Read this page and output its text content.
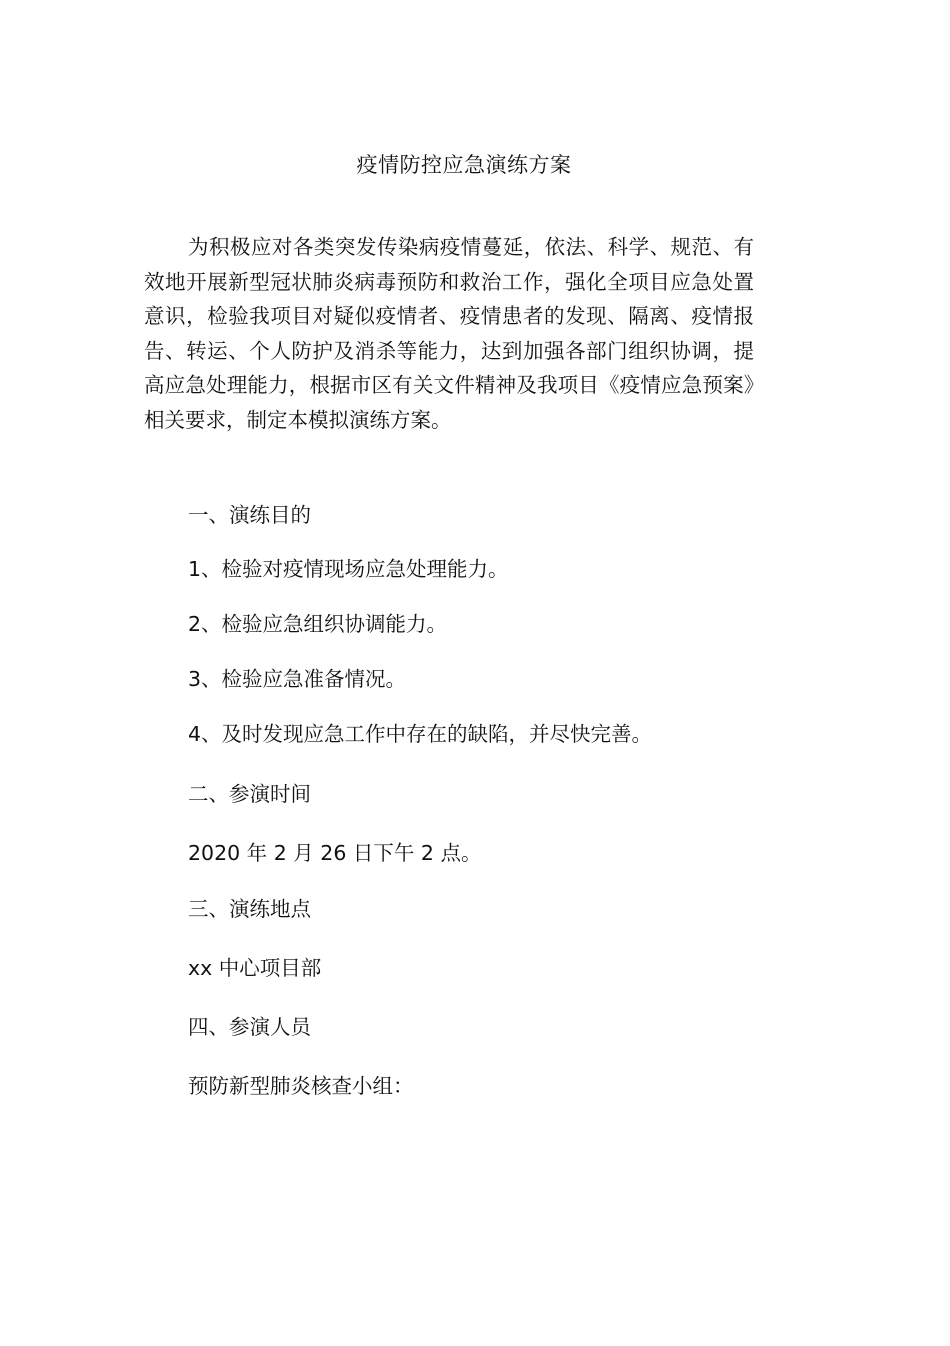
疫情防控应急演练方案

为积极应对各类突发传染病疫情蔓延，依法、科学、规范、有效地开展新型冠状肺炎病毒预防和救治工作，强化全项目应急处置意识，检验我项目对疑似疫情者、疫情患者的发现、隔离、疫情报告、转运、个人防护及消杀等能力，达到加强各部门组织协调，提高应急处理能力，根据市区有关文件精神及我项目《疫情应急预案》相关要求，制定本模拟演练方案。

一、演练目的
1、检验对疫情现场应急处理能力。
2、检验应急组织协调能力。
3、检验应急准备情况。
4、及时发现应急工作中存在的缺陷，并尽快完善。
二、参演时间
2020 年 2 月 26 日下午 2 点。
三、演练地点
xx 中心项目部
四、参演人员
预防新型肺炎核查小组：
